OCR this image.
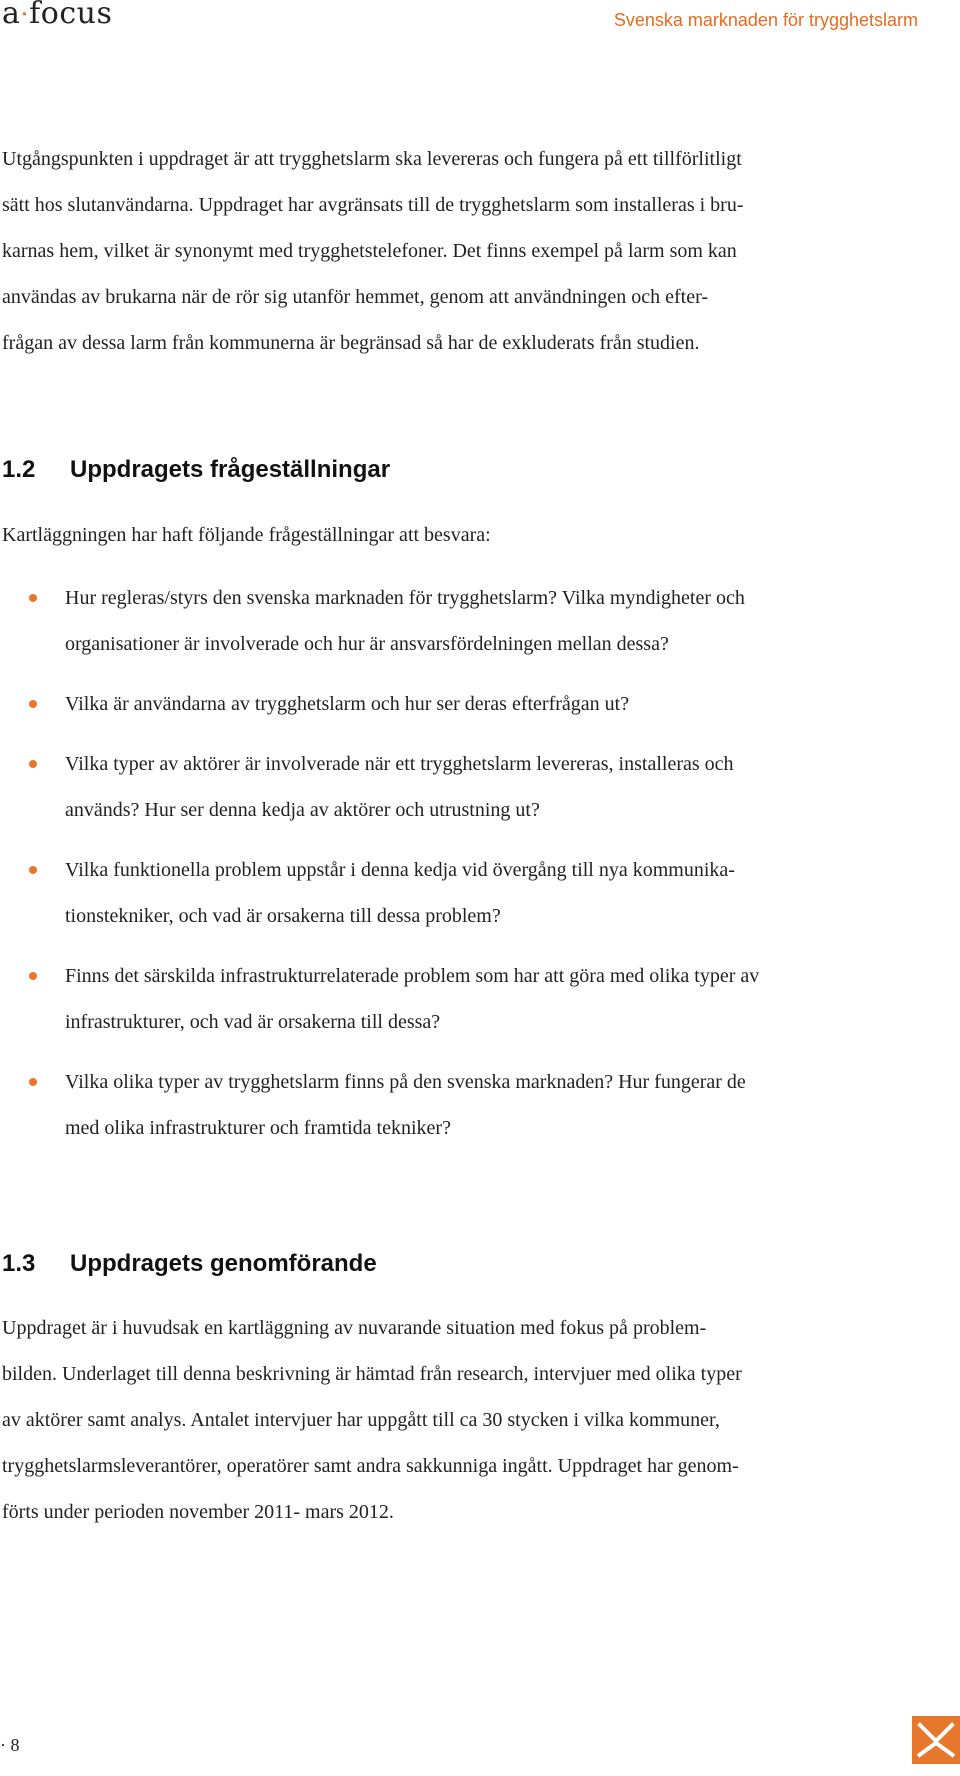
a·focus	Svenska marknaden för trygghetslarm

Utgångspunkten i uppdraget är att trygghetslarm ska levereras och fungera på ett tillförlitligt
sätt hos slutanvändarna. Uppdraget har avgränsats till de trygghetslarm som installeras i bru-
karnas hem, vilket är synonymt med trygghetstelefoner. Det finns exempel på larm som kan
användas av brukarna när de rör sig utanför hemmet, genom att användningen och efter-
frågan av dessa larm från kommunerna är begränsad så har de exkluderats från studien.

1.2 Uppdragets frågeställningar

Kartläggningen har haft följande frågeställningar att besvara:

Hur regleras/styrs den svenska marknaden för trygghetslarm? Vilka myndigheter och
organisationer är involverade och hur är ansvarsfördelningen mellan dessa?
Vilka är användarna av trygghetslarm och hur ser deras efterfrågan ut?
Vilka typer av aktörer är involverade när ett trygghetslarm levereras, installeras och
används? Hur ser denna kedja av aktörer och utrustning ut?
Vilka funktionella problem uppstår i denna kedja vid övergång till nya kommunika-
tionstekniker, och vad är orsakerna till dessa problem?
Finns det särskilda infrastrukturrelaterade problem som har att göra med olika typer av
infrastrukturer, och vad är orsakerna till dessa?
Vilka olika typer av trygghetslarm finns på den svenska marknaden? Hur fungerar de
med olika infrastrukturer och framtida tekniker?
1.3 Uppdragets genomförande

Uppdraget är i huvudsak en kartläggning av nuvarande situation med fokus på problem-
bilden. Underlaget till denna beskrivning är hämtad från research, intervjuer med olika typer
av aktörer samt analys. Antalet intervjuer har uppgått till ca 30 stycken i vilka kommuner,
trygghetslarmsleverantörer, operatörer samt andra sakkunniga ingått. Uppdraget har genom-
förts under perioden november 2011- mars 2012.

· 8
